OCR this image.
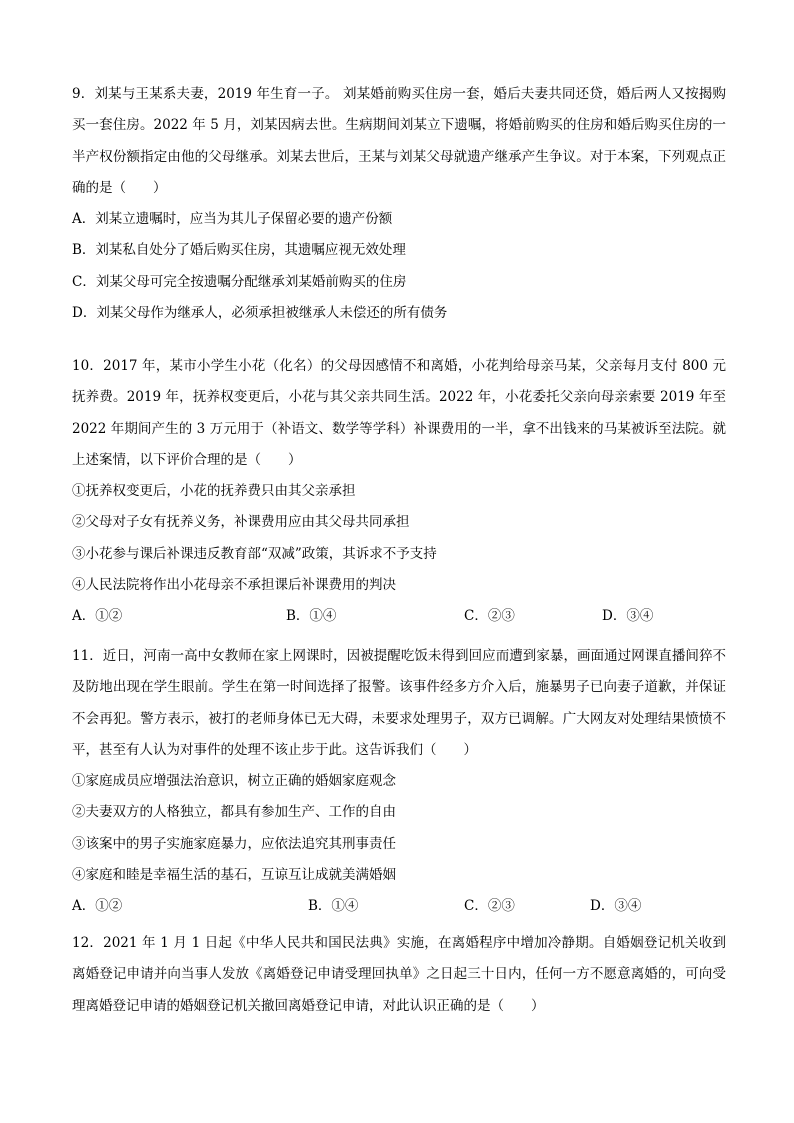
9．刘某与王某系夫妻，2019 年生育一子。 刘某婚前购买住房一套，婚后夫妻共同还贷，婚后两人又按揭购买一套住房。2022 年 5 月，刘某因病去世。生病期间刘某立下遗嘱，将婚前购买的住房和婚后购买住房的一半产权份额指定由他的父母继承。刘某去世后，王某与刘某父母就遗产继承产生争议。对于本案，下列观点正确的是（　　）

A．刘某立遗嘱时，应当为其儿子保留必要的遗产份额

B．刘某私自处分了婚后购买住房，其遗嘱应视无效处理

C．刘某父母可完全按遗嘱分配继承刘某婚前购买的住房

D．刘某父母作为继承人，必须承担被继承人未偿还的所有债务

10．2017 年，某市小学生小花（化名）的父母因感情不和离婚，小花判给母亲马某，父亲每月支付 800 元抚养费。2019 年，抚养权变更后，小花与其父亲共同生活。2022 年，小花委托父亲向母亲索要 2019 年至 2022 年期间产生的 3 万元用于（补语文、数学等学科）补课费用的一半，拿不出钱来的马某被诉至法院。就上述案情，以下评价合理的是（　　）

①抚养权变更后，小花的抚养费只由其父亲承担

②父母对子女有抚养义务，补课费用应由其父母共同承担

③小花参与课后补课违反教育部“双减”政策，其诉求不予支持

④人民法院将作出小花母亲不承担课后补课费用的判决

A．①②	B．①④	C．②③	D．③④

11．近日，河南一高中女教师在家上网课时，因被提醒吃饭未得到回应而遭到家暴，画面通过网课直播间猝不及防地出现在学生眼前。学生在第一时间选择了报警。该事件经多方介入后，施暴男子已向妻子道歉，并保证不会再犯。警方表示，被打的老师身体已无大碍，未要求处理男子，双方已调解。广大网友对处理结果愤愤不平，甚至有人认为对事件的处理不该止步于此。这告诉我们（　　）

①家庭成员应增强法治意识，树立正确的婚姻家庭观念

②夫妻双方的人格独立，都具有参加生产、工作的自由

③该案中的男子实施家庭暴力，应依法追究其刑事责任

④家庭和睦是幸福生活的基石，互谅互让成就美满婚姻

A．①②	B．①④	C．②③	D．③④

12．2021 年 1 月 1 日起《中华人民共和国民法典》实施，在离婚程序中增加冷静期。自婚姻登记机关收到离婚登记申请并向当事人发放《离婚登记申请受理回执单》之日起三十日内，任何一方不愿意离婚的，可向受理离婚登记申请的婚姻登记机关撤回离婚登记申请，对此认识正确的是（　　）
